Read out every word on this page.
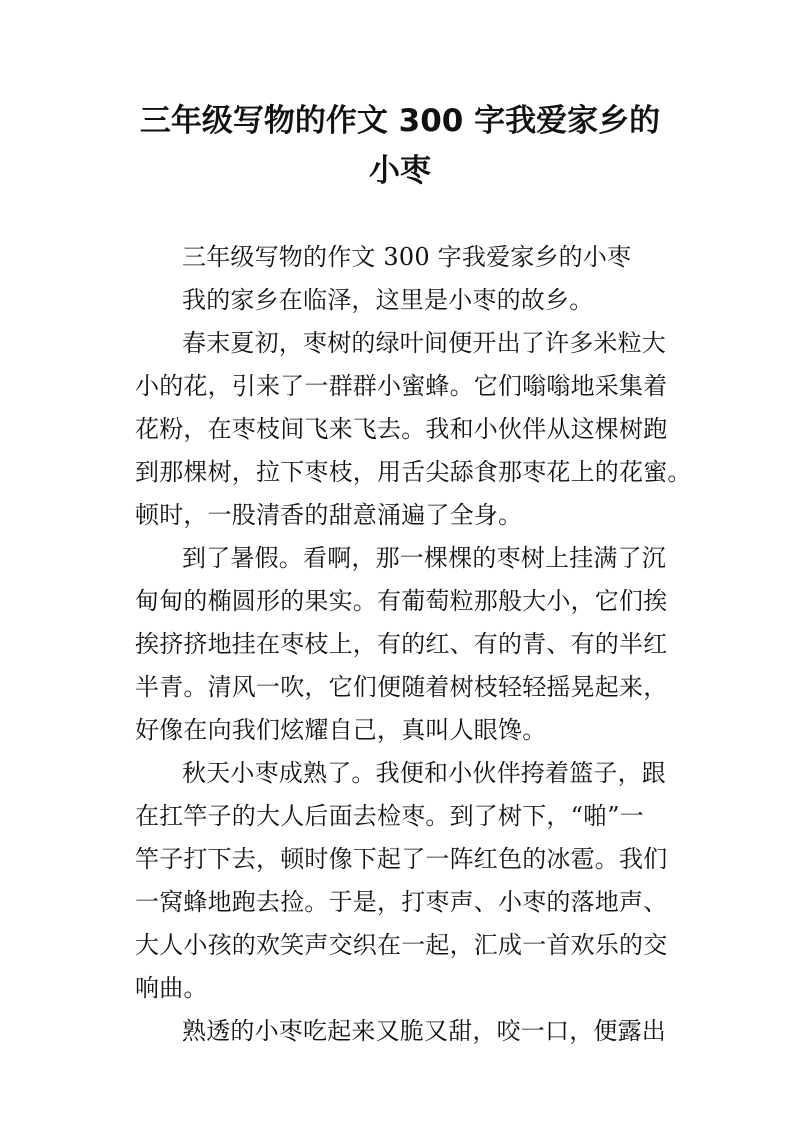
三年级写物的作文 300 字我爱家乡的
小枣
三年级写物的作文 300 字我爱家乡的小枣
我的家乡在临泽，这里是小枣的故乡。
春末夏初，枣树的绿叶间便开出了许多米粒大
小的花，引来了一群群小蜜蜂。它们嗡嗡地采集着
花粉，在枣枝间飞来飞去。我和小伙伴从这棵树跑
到那棵树，拉下枣枝，用舌尖舔食那枣花上的花蜜。
顿时，一股清香的甜意涌遍了全身。
到了暑假。看啊，那一棵棵的枣树上挂满了沉
甸甸的椭圆形的果实。有葡萄粒那般大小，它们挨
挨挤挤地挂在枣枝上，有的红、有的青、有的半红
半青。清风一吹，它们便随着树枝轻轻摇晃起来，
好像在向我们炫耀自己，真叫人眼馋。
秋天小枣成熟了。我便和小伙伴挎着篮子，跟
在扛竿子的大人后面去检枣。到了树下，“啪”一
竿子打下去，顿时像下起了一阵红色的冰雹。我们
一窝蜂地跑去捡。于是，打枣声、小枣的落地声、
大人小孩的欢笑声交织在一起，汇成一首欢乐的交
响曲。
熟透的小枣吃起来又脆又甜，咬一口，便露出
